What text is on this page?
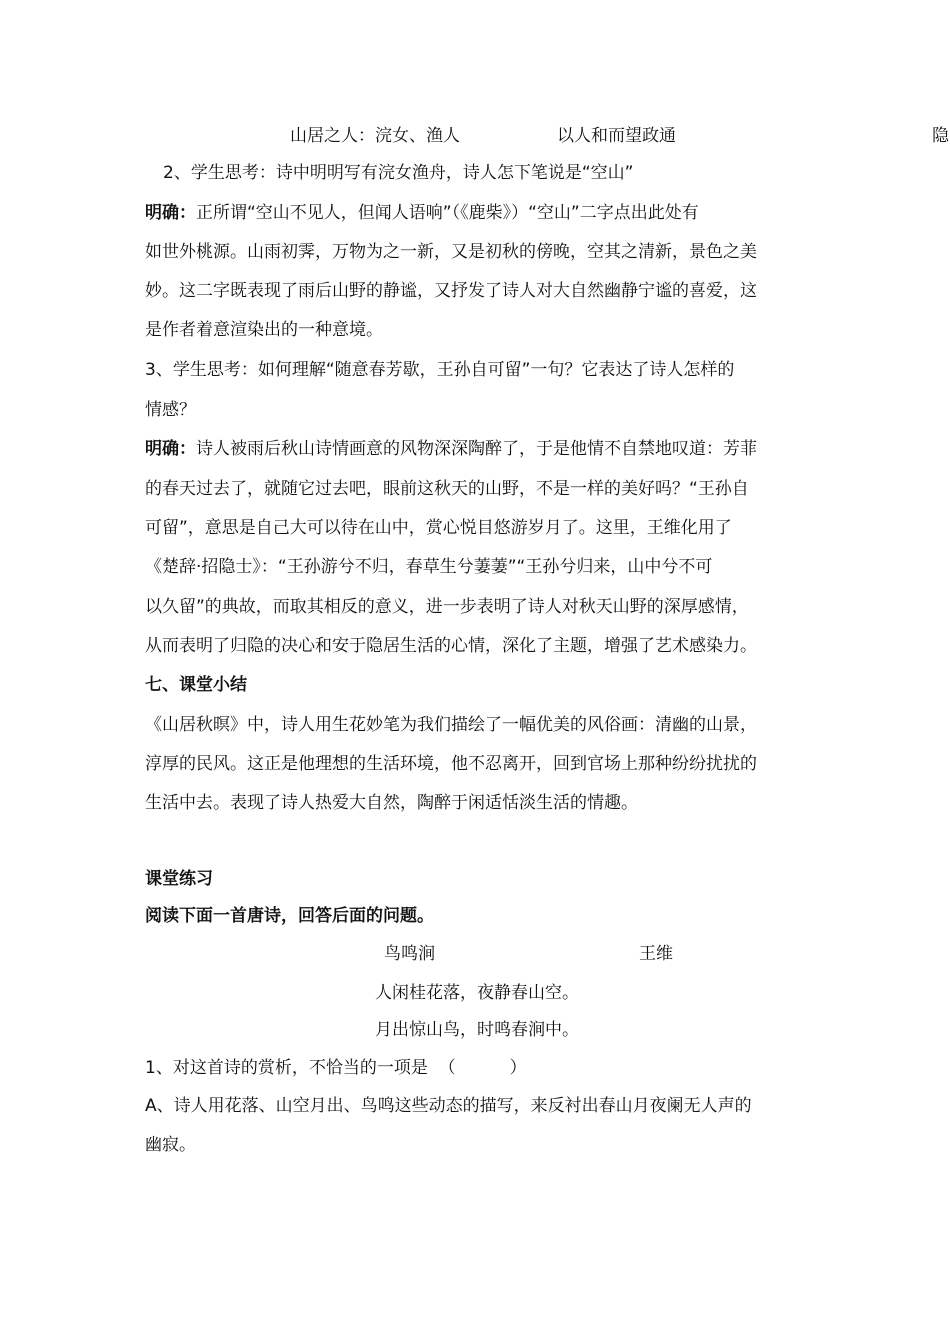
山居之人：浣女、渔人	以人和而望政通	隐
2、学生思考：诗中明明写有浣女渔舟，诗人怎下笔说是“空山”
明确：正所谓“空山不见人，但闻人语响”（《鹿柴》）“空山”二字点出此处有
如世外桃源。山雨初霁，万物为之一新，又是初秋的傍晚，空其之清新，景色之美
妙。这二字既表现了雨后山野的静谧，又抒发了诗人对大自然幽静宁谧的喜爱，这
是作者着意渲染出的一种意境。
3、学生思考：如何理解“随意春芳歇，王孙自可留”一句？它表达了诗人怎样的
情感？
明确：诗人被雨后秋山诗情画意的风物深深陶醉了，于是他情不自禁地叹道：芳菲
的春天过去了，就随它过去吧，眼前这秋天的山野，不是一样的美好吗？“王孙自
可留”，意思是自己大可以待在山中，赏心悦目悠游岁月了。这里，王维化用了
《楚辞·招隐士》：“王孙游兮不归，春草生兮萋萋”“王孙兮归来，山中兮不可
以久留”的典故，而取其相反的意义，进一步表明了诗人对秋天山野的深厚感情，
从而表明了归隐的决心和安于隐居生活的心情，深化了主题，增强了艺术感染力。
七、课堂小结
《山居秋暝》中，诗人用生花妙笔为我们描绘了一幅优美的风俗画：清幽的山景，
淳厚的民风。这正是他理想的生活环境，他不忍离开，回到官场上那种纷纷扰扰的
生活中去。表现了诗人热爱大自然，陶醉于闲适恬淡生活的情趣。
课堂练习
阅读下面一首唐诗，回答后面的问题。
鸟鸣涧	王维
人闲桂花落，夜静春山空。
月出惊山鸟，时鸣春涧中。
1、对这首诗的赏析，不恰当的一项是  （          ）
A、诗人用花落、山空月出、鸟鸣这些动态的描写，来反衬出春山月夜阑无人声的
幽寂。
